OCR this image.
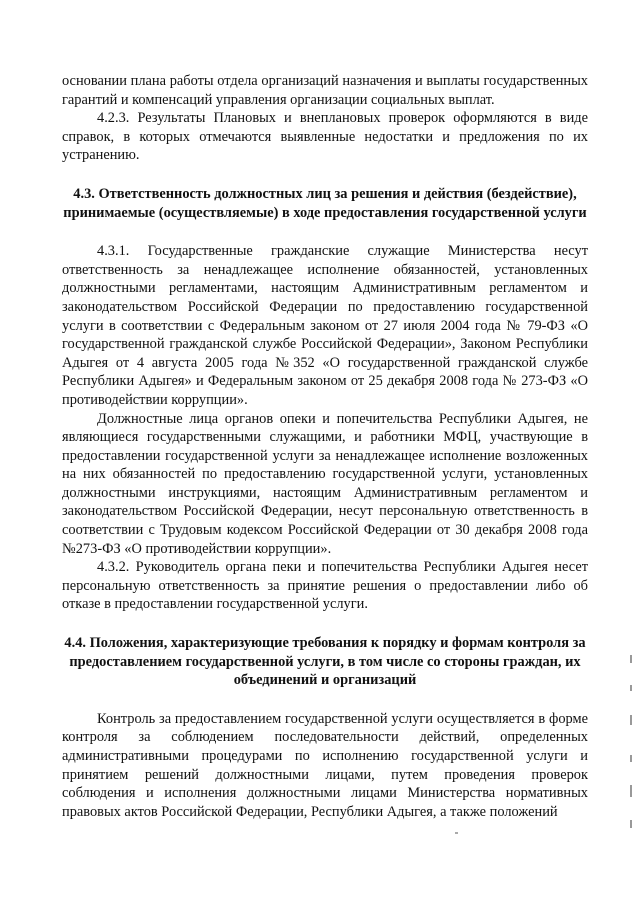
основании плана работы отдела организаций назначения и выплаты государственных гарантий и компенсаций управления организации социальных выплат.

4.2.3. Результаты Плановых и внеплановых проверок оформляются в виде справок, в которых отмечаются выявленные недостатки и предложения по их устранению.

4.3. Ответственность должностных лиц за решения и действия (бездействие), принимаемые (осуществляемые) в ходе предоставления государственной услуги

4.3.1. Государственные гражданские служащие Министерства несут ответственность за ненадлежащее исполнение обязанностей, установленных должностными регламентами, настоящим Административным регламентом и законодательством Российской Федерации по предоставлению государственной услуги в соответствии с Федеральным законом от 27 июля 2004 года № 79-ФЗ «О государственной гражданской службе Российской Федерации», Законом Республики Адыгея от 4 августа 2005 года №352 «О государственной гражданской службе Республики Адыгея» и Федеральным законом от 25 декабря 2008 года № 273-ФЗ «О противодействии коррупции».

Должностные лица органов опеки и попечительства Республики Адыгея, не являющиеся государственными служащими, и работники МФЦ, участвующие в предоставлении государственной услуги за ненадлежащее исполнение возложенных на них обязанностей по предоставлению государственной услуги, установленных должностными инструкциями, настоящим Административным регламентом и законодательством Российской Федерации, несут персональную ответственность в соответствии с Трудовым кодексом Российской Федерации от 30 декабря 2008 года №273-ФЗ «О противодействии коррупции».

4.3.2. Руководитель органа пеки и попечительства Республики Адыгея несет персональную ответственность за принятие решения о предоставлении либо об отказе в предоставлении государственной услуги.

4.4. Положения, характеризующие требования к порядку и формам контроля за предоставлением государственной услуги, в том числе со стороны граждан, их объединений и организаций

Контроль за предоставлением государственной услуги осуществляется в форме контроля за соблюдением последовательности действий, определенных административными процедурами по исполнению государственной услуги и принятием решений должностными лицами, путем проведения проверок соблюдения и исполнения должностными лицами Министерства нормативных правовых актов Российской Федерации, Республики Адыгея, а также положений
